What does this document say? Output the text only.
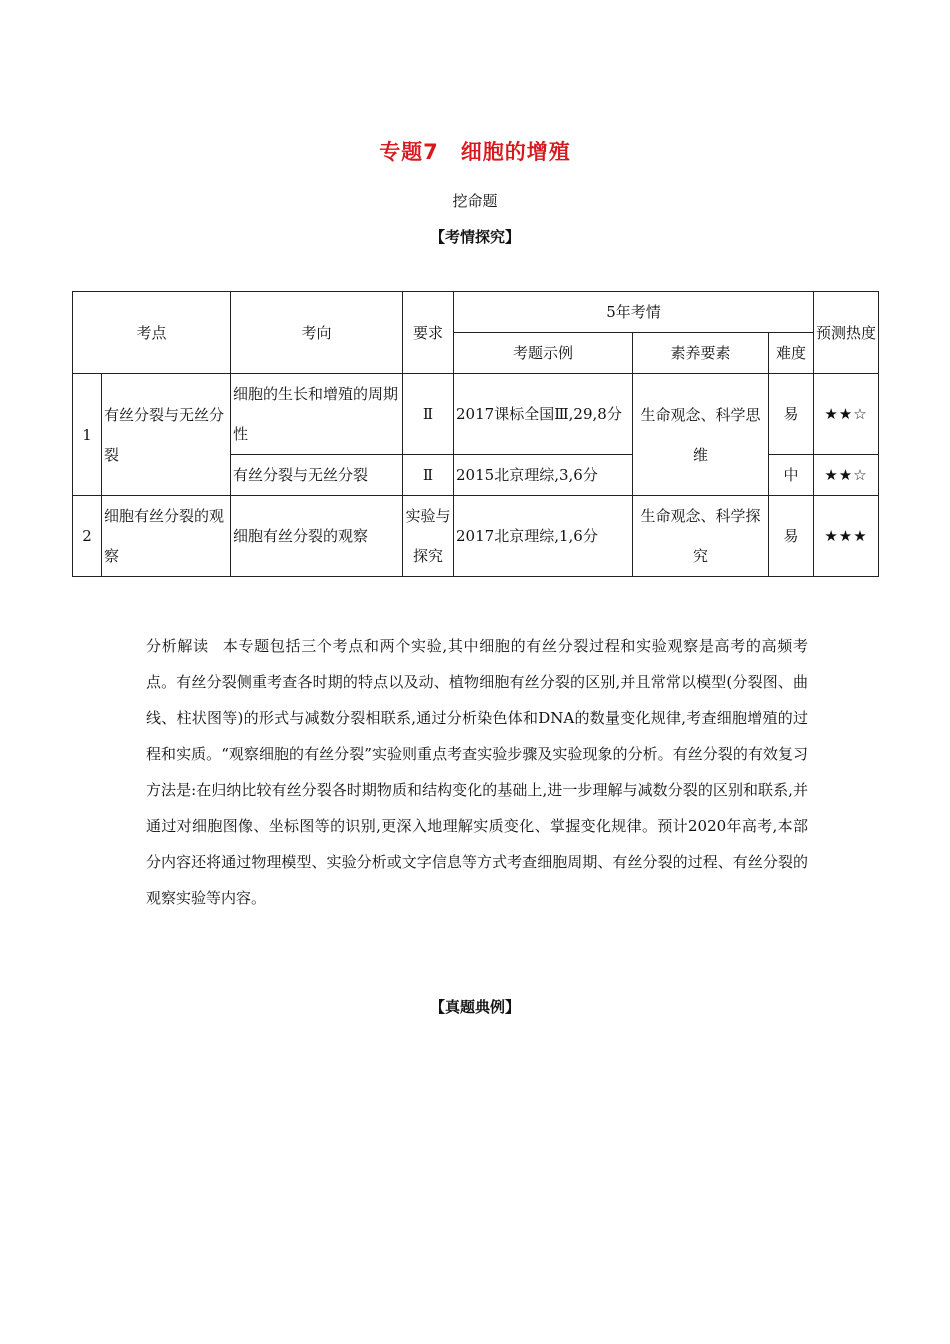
专题7　细胞的增殖
挖命题
【考情探究】
考点		考向	要求	5年考情			预测热度
				考题示例	素养要素	难度	
1	有丝分裂与无丝分裂	细胞的生长和增殖的周期性	Ⅱ	2017课标全国Ⅲ,29,8分	生命观念、科学思维	易	★★☆
		有丝分裂与无丝分裂	Ⅱ	2015北京理综,3,6分		中	★★☆
2	细胞有丝分裂的观察	细胞有丝分裂的观察	实验与探究	2017北京理综,1,6分	生命观念、科学探究	易	★★★
分析解读 本专题包括三个考点和两个实验,其中细胞的有丝分裂过程和实验观察是高考的高频考点。有丝分裂侧重考查各时期的特点以及动、植物细胞有丝分裂的区别,并且常常以模型(分裂图、曲线、柱状图等)的形式与减数分裂相联系,通过分析染色体和DNA的数量变化规律,考查细胞增殖的过程和实质。“观察细胞的有丝分裂”实验则重点考查实验步骤及实验现象的分析。有丝分裂的有效复习方法是:在归纳比较有丝分裂各时期物质和结构变化的基础上,进一步理解与减数分裂的区别和联系,并通过对细胞图像、坐标图等的识别,更深入地理解实质变化、掌握变化规律。预计2020年高考,本部分内容还将通过物理模型、实验分析或文字信息等方式考查细胞周期、有丝分裂的过程、有丝分裂的观察实验等内容。
【真题典例】
